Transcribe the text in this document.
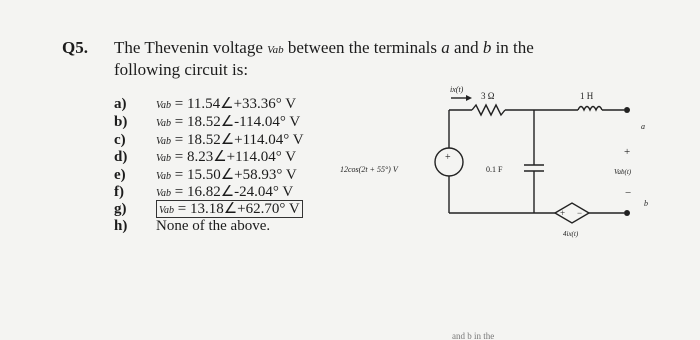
Q5. The Thevenin voltage Vab between the terminals a and b in the
following circuit is:
a)	Vab = 11.54∠+33.36° V
b)	Vab = 18.52∠-114.04° V
c)	Vab = 18.52∠+114.04° V
d)	Vab = 8.23∠+114.04° V
e)	Vab = 15.50∠+58.93° V
f)	Vab = 16.82∠-24.04° V
g)	Vab = 13.18∠+62.70° V
h) None of the above.
+
12cos(2t + 55°) V
ix(t)
3 Ω	1 H
0.1 F
+ −
4ix(t)
a
+
Vab(t)
−
b
and b in the
